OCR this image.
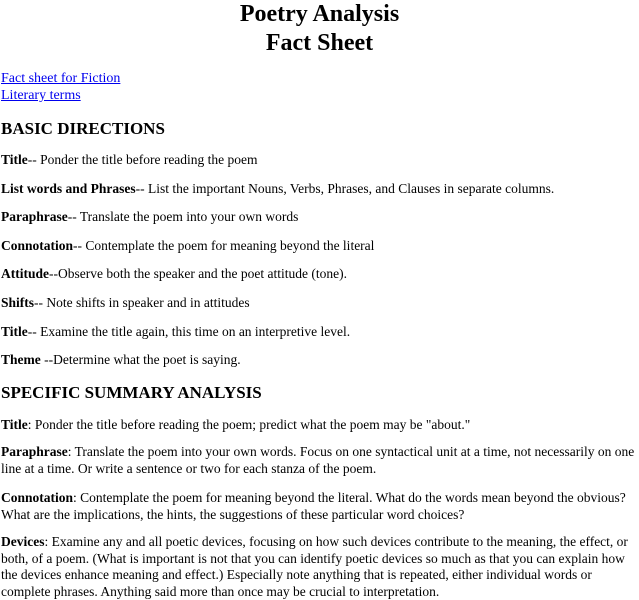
Poetry Analysis
Fact Sheet
Fact sheet for Fiction
Literary terms
BASIC DIRECTIONS

Title-- Ponder the title before reading the poem

List words and Phrases-- List the important Nouns, Verbs, Phrases, and Clauses in separate columns.

Paraphrase-- Translate the poem into your own words

Connotation-- Contemplate the poem for meaning beyond the literal

Attitude--Observe both the speaker and the poet attitude (tone).

Shifts-- Note shifts in speaker and in attitudes

Title-- Examine the title again, this time on an interpretive level.

Theme --Determine what the poet is saying.

SPECIFIC SUMMARY ANALYSIS

Title: Ponder the title before reading the poem; predict what the poem may be "about."

Paraphrase: Translate the poem into your own words. Focus on one syntactical unit at a time, not necessarily on one line at a time. Or write a sentence or two for each stanza of the poem.

Connotation: Contemplate the poem for meaning beyond the literal. What do the words mean beyond the obvious? What are the implications, the hints, the suggestions of these particular word choices?

Devices: Examine any and all poetic devices, focusing on how such devices contribute to the meaning, the effect, or both, of a poem. (What is important is not that you can identify poetic devices so much as that you can explain how the devices enhance meaning and effect.) Especially note anything that is repeated, either individual words or complete phrases. Anything said more than once may be crucial to interpretation.
